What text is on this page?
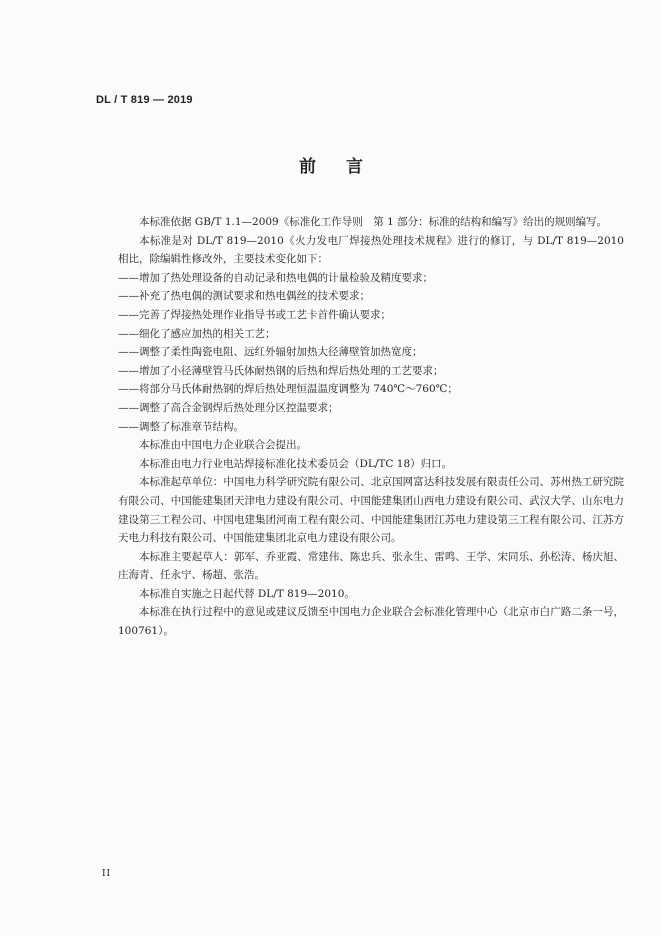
DL / T 819 — 2019
前言

本标准依据 GB/T 1.1—2009《标准化工作导则　第 1 部分：标准的结构和编写》给出的规则编写。

本标准是对 DL/T 819—2010《火力发电厂焊接热处理技术规程》进行的修订，与 DL/T 819—2010 相比，除编辑性修改外，主要技术变化如下：

——增加了热处理设备的自动记录和热电偶的计量检验及精度要求；

——补充了热电偶的测试要求和热电偶丝的技术要求；

——完善了焊接热处理作业指导书或工艺卡首件确认要求；

——细化了感应加热的相关工艺；

——调整了柔性陶瓷电阻、远红外辐射加热大径薄壁管加热宽度；

——增加了小径薄壁管马氏体耐热钢的后热和焊后热处理的工艺要求；

——将部分马氏体耐热钢的焊后热处理恒温温度调整为 740℃～760℃；

——调整了高合金钢焊后热处理分区控温要求；

——调整了标准章节结构。

本标准由中国电力企业联合会提出。

本标准由电力行业电站焊接标准化技术委员会（DL/TC 18）归口。

本标准起草单位：中国电力科学研究院有限公司、北京国网富达科技发展有限责任公司、苏州热工研究院有限公司、中国能建集团天津电力建设有限公司、中国能建集团山西电力建设有限公司、武汉大学、山东电力建设第三工程公司、中国电建集团河南工程有限公司、中国能建集团江苏电力建设第三工程有限公司、江苏方天电力科技有限公司、中国能建集团北京电力建设有限公司。

本标准主要起草人：郭军、乔亚霞、常建伟、陈忠兵、张永生、雷鸣、王学、宋同乐、孙松涛、杨庆旭、庄海青、任永宁、杨超、张浩。

本标准自实施之日起代替 DL/T 819—2010。

本标准在执行过程中的意见或建议反馈至中国电力企业联合会标准化管理中心（北京市白广路二条一号，100761）。

II
